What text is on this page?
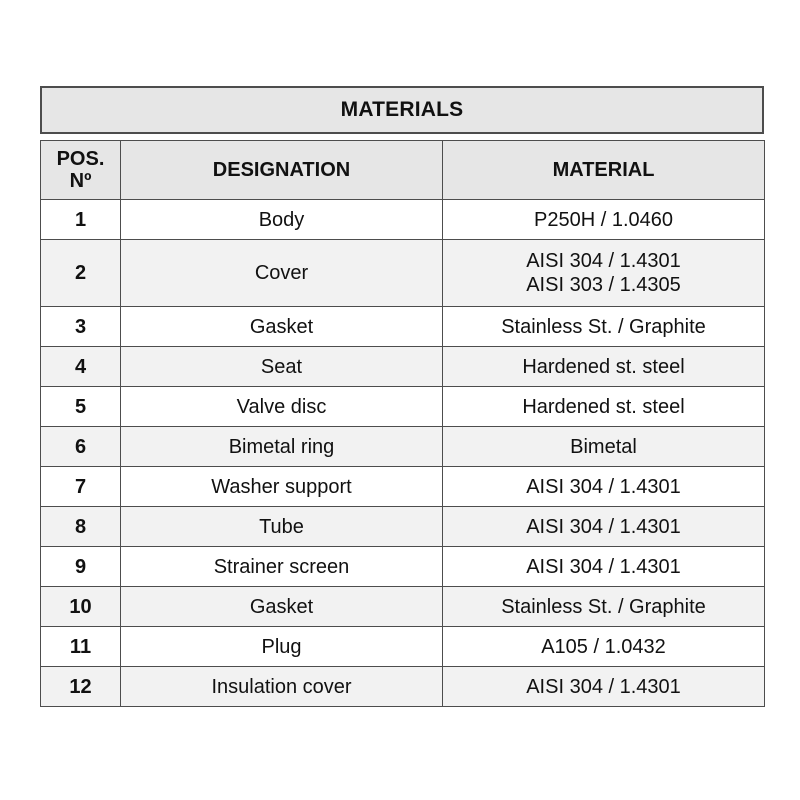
MATERIALS
POS.
Nº	DESIGNATION	MATERIAL
1	Body	P250H / 1.0460

2	Cover	AISI 304 / 1.4301
AISI 303 / 1.4305

3	Gasket	Stainless St. / Graphite

4	Seat	Hardened st. steel

5	Valve disc	Hardened st. steel

6	Bimetal ring	Bimetal

7	Washer support	AISI 304 / 1.4301

8	Tube	AISI 304 / 1.4301

9	Strainer screen	AISI 304 / 1.4301

10	Gasket	Stainless St. / Graphite

11	Plug	A105 / 1.0432

12	Insulation cover	AISI 304 / 1.4301
